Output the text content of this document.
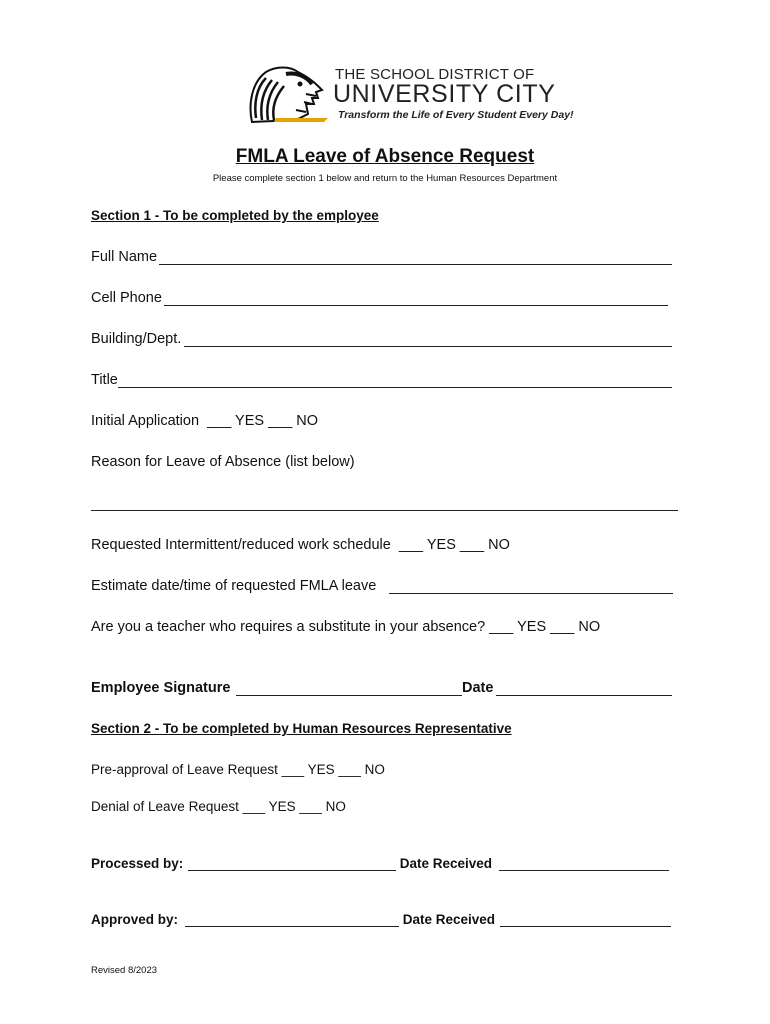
THE SCHOOL DISTRICT OF
UNIVERSITY CITY
Transform the Life of Every Student Every Day!
FMLA Leave of Absence Request
Please complete section 1 below and return to the Human Resources Department
Section 1 - To be completed by the employee
Full Name
Cell Phone
Building/Dept.
Title
Initial Application  ___ YES ___ NO
Reason for Leave of Absence (list below)
Requested Intermittent/reduced work schedule  ___ YES ___ NO
Estimate date/time of requested FMLA leave
Are you a teacher who requires a substitute in your absence? ___ YES ___ NO
Employee Signature	Date
Section 2 - To be completed by Human Resources Representative
Pre-approval of Leave Request ___ YES ___ NO
Denial of Leave Request ___ YES ___ NO
Processed by:	Date Received
Approved by:	Date Received
Revised 8/2023
